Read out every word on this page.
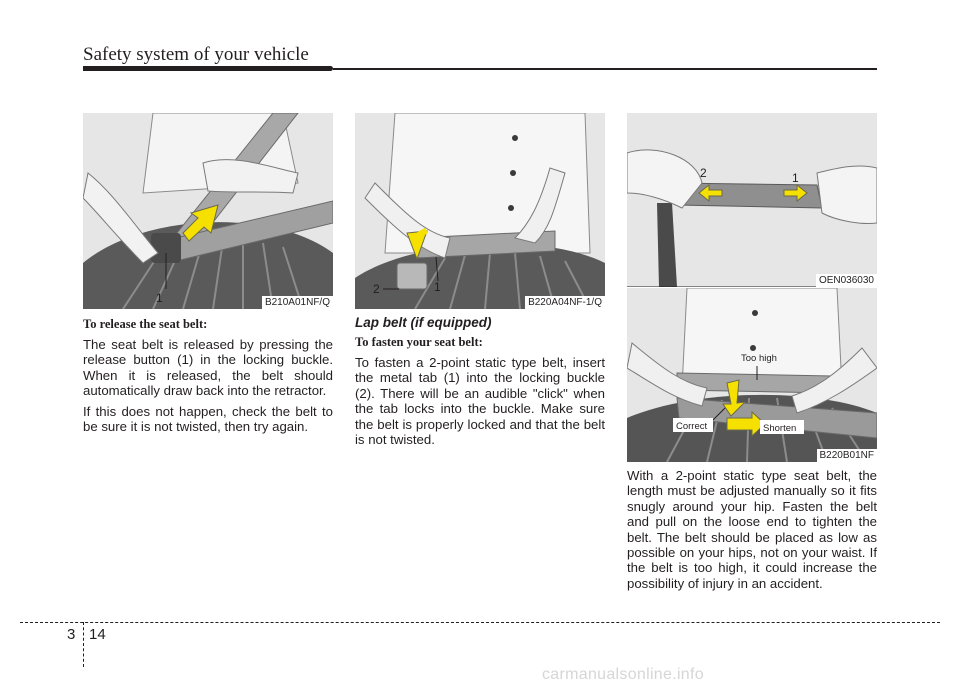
Safety system of your vehicle
1	B210A01NF/Q
1
2
B220A04NF-1/Q
2	1
OEN036030
Too high
Correct	Shorten
B220B01NF
To release the seat belt:

The seat belt is released by pressing the release button (1) in the locking buckle. When it is released, the belt should automatically draw back into the retractor.

If this does not happen, check the belt to be sure it is not twisted, then try again.

Lap belt (if equipped)
To fasten your seat belt:

To fasten a 2-point static type belt, insert the metal tab (1) into the locking buckle (2). There will be an audible "click" when the tab locks into the buckle. Make sure the belt is properly locked and that the belt is not twisted.

With a 2-point static type seat belt, the length must be adjusted manually so it fits snugly around your hip. Fasten the belt and pull on the loose end to tighten the belt. The belt should be placed as low as possible on your hips, not on your waist. If the belt is too high, it could increase the possibility of injury in an accident.

3 14
carmanualsonline.info
